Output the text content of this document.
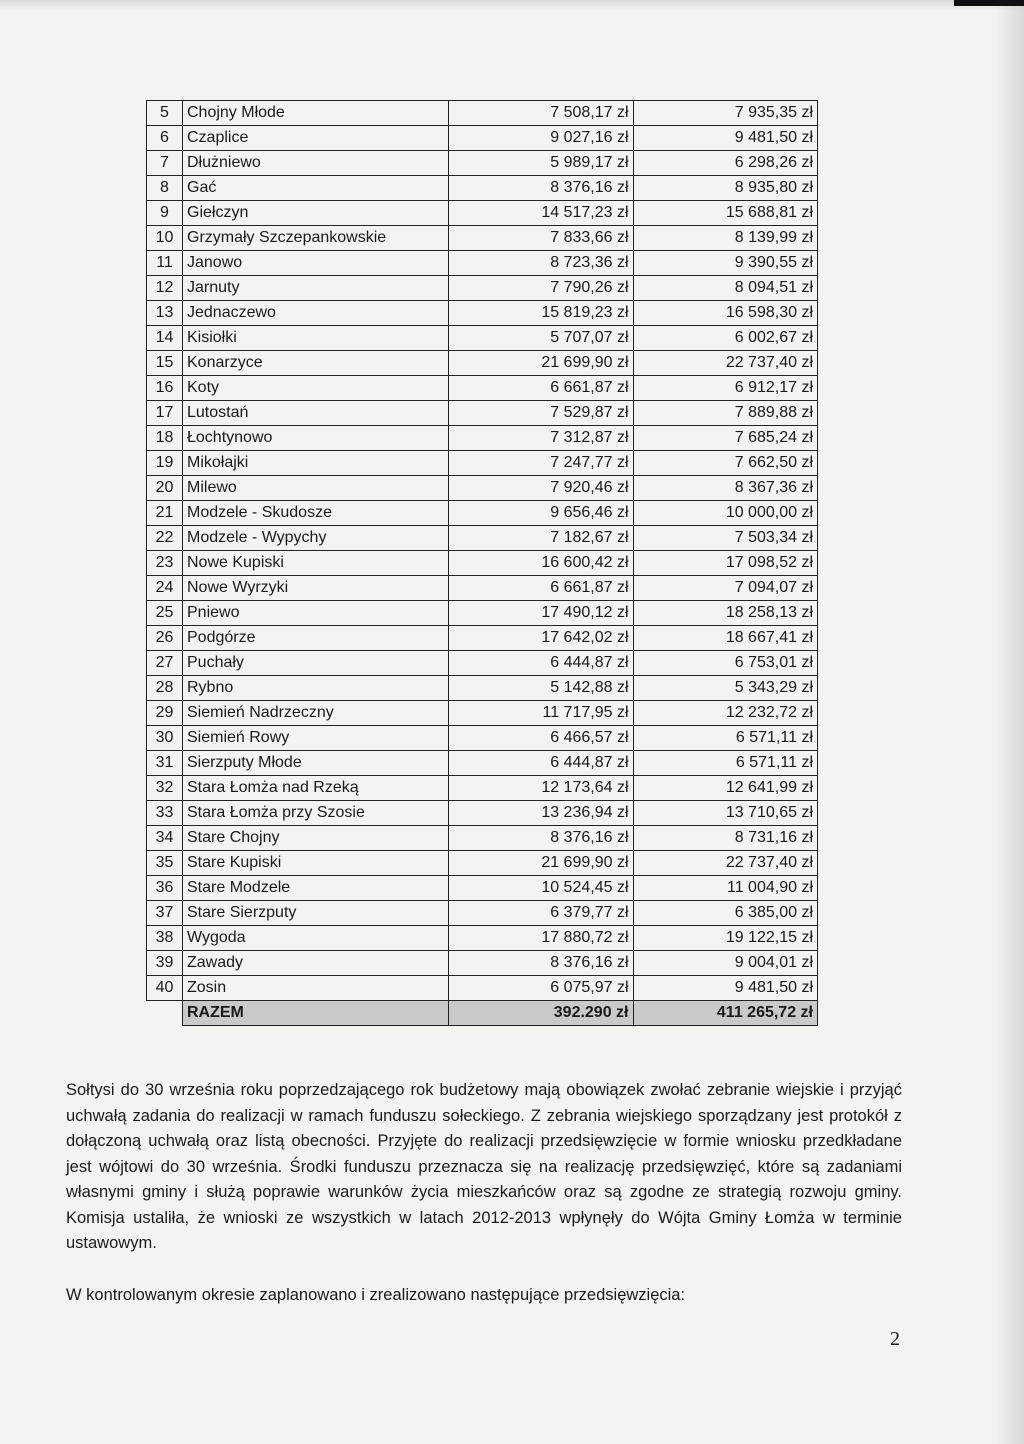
5	Chojny Młode	7 508,17 zł	7 935,35 zł
6	Czaplice	9 027,16 zł	9 481,50 zł
7	Dłużniewo	5 989,17 zł	6 298,26 zł
8	Gać	8 376,16 zł	8 935,80 zł
9	Giełczyn	14 517,23 zł	15 688,81 zł
10	Grzymały Szczepankowskie	7 833,66 zł	8 139,99 zł
11	Janowo	8 723,36 zł	9 390,55 zł
12	Jarnuty	7 790,26 zł	8 094,51 zł
13	Jednaczewo	15 819,23 zł	16 598,30 zł
14	Kisiołki	5 707,07 zł	6 002,67 zł
15	Konarzyce	21 699,90 zł	22 737,40 zł
16	Koty	6 661,87 zł	6 912,17 zł
17	Lutostań	7 529,87 zł	7 889,88 zł
18	Łochtynowo	7 312,87 zł	7 685,24 zł
19	Mikołajki	7 247,77 zł	7 662,50 zł
20	Milewo	7 920,46 zł	8 367,36 zł
21	Modzele - Skudosze	9 656,46 zł	10 000,00 zł
22	Modzele - Wypychy	7 182,67 zł	7 503,34 zł
23	Nowe Kupiski	16 600,42 zł	17 098,52 zł
24	Nowe Wyrzyki	6 661,87 zł	7 094,07 zł
25	Pniewo	17 490,12 zł	18 258,13 zł
26	Podgórze	17 642,02 zł	18 667,41 zł
27	Puchały	6 444,87 zł	6 753,01 zł
28	Rybno	5 142,88 zł	5 343,29 zł
29	Siemień Nadrzeczny	11 717,95 zł	12 232,72 zł
30	Siemień Rowy	6 466,57 zł	6 571,11 zł
31	Sierzputy Młode	6 444,87 zł	6 571,11 zł
32	Stara Łomża nad Rzeką	12 173,64 zł	12 641,99 zł
33	Stara Łomża przy Szosie	13 236,94 zł	13 710,65 zł
34	Stare Chojny	8 376,16 zł	8 731,16 zł
35	Stare Kupiski	21 699,90 zł	22 737,40 zł
36	Stare Modzele	10 524,45 zł	11 004,90 zł
37	Stare Sierzputy	6 379,77 zł	6 385,00 zł
38	Wygoda	17 880,72 zł	19 122,15 zł
39	Zawady	8 376,16 zł	9 004,01 zł
40	Zosin	6 075,97 zł	9 481,50 zł
	RAZEM	392.290 zł	411 265,72 zł

Sołtysi do 30 września roku poprzedzającego rok budżetowy mają obowiązek zwołać zebranie wiejskie i przyjąć uchwałą zadania do realizacji w ramach funduszu sołeckiego. Z zebrania wiejskiego sporządzany jest protokół z dołączoną uchwałą oraz listą obecności. Przyjęte do realizacji przedsięwzięcie w formie wniosku przedkładane jest wójtowi do 30 września. Środki funduszu przeznacza się na realizację przedsięwzięć, które są zadaniami własnymi gminy i służą poprawie warunków życia mieszkańców oraz są zgodne ze strategią rozwoju gminy. Komisja ustaliła, że wnioski ze wszystkich w latach 2012-2013 wpłynęły do Wójta Gminy Łomża w terminie ustawowym.

W kontrolowanym okresie zaplanowano i zrealizowano następujące przedsięwzięcia:

2
